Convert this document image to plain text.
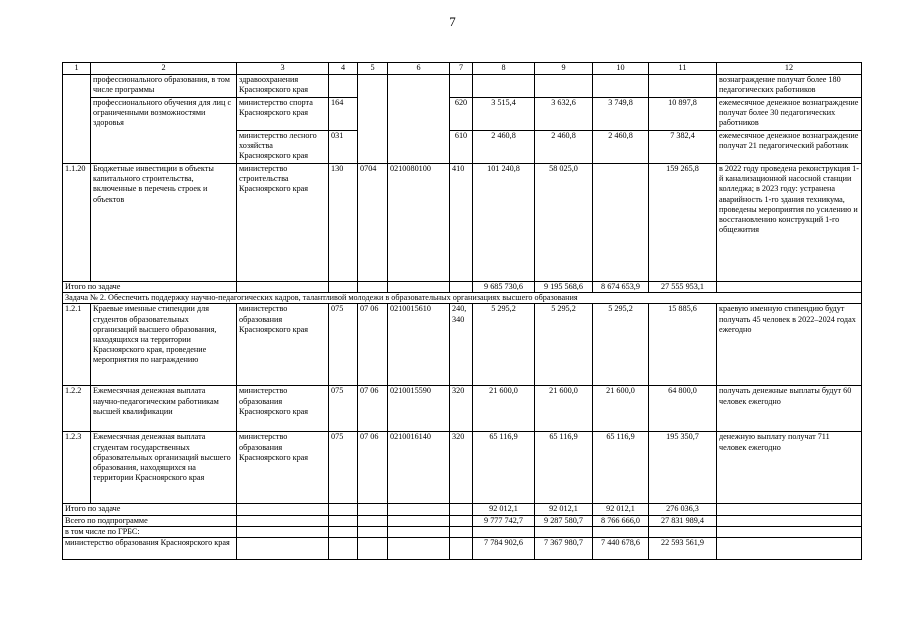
7
1	2	3	4	5	6	7	8	9	10	11	12
	профессионального образования, в том числе программы	здравоохранения Красноярского края									вознаграждение получат более 180 педагогических работников
	профессионального обучения для лиц с ограниченными возможностями здоровья	министерство спорта Красноярского края	164			620	3 515,4	3 632,6	3 749,8	10 897,8	ежемесячное денежное вознаграждение получат более 30 педагогических работников
		министерство лесного хозяйства Красноярского края	031			610	2 460,8	2 460,8	2 460,8	7 382,4	ежемесячное денежное вознаграждение получат 21 педагогический работник
1.1.20	Бюджетные инвестиции в объекты капитального строительства, включенные в перечень строек и объектов	министерство строительства Красноярского края	130	0704	0210080100	410	101 240,8	58 025,0		159 265,8	в 2022 году проведена реконструкция 1-й канализационной насосной станции колледжа; в 2023 году: устранена аварийность 1-го здания техникума, проведены мероприятия по усилению и восстановлению конструкций 1-го общежития
Итого по задаче							9 685 730,6	9 195 568,6	8 674 653,9	27 555 953,1	
Задача № 2. Обеспечить поддержку научно-педагогических кадров, талантливой молодежи в образовательных организациях высшего образования											
1.2.1	Краевые именные стипендии для студентов образовательных организаций высшего образования, находящихся на территории Красноярского края, проведение мероприятия по награждению	министерство образования Красноярского края	075	07 06	0210015610	240, 340	5 295,2	5 295,2	5 295,2	15 885,6	краевую именную стипендию будут получать 45 человек в 2022–2024 годах ежегодно
1.2.2	Ежемесячная денежная выплата научно-педагогическим работникам высшей квалификации	министерство образования Красноярского края	075	07 06	0210015590	320	21 600,0	21 600,0	21 600,0	64 800,0	получать денежные выплаты будут 60 человек ежегодно
1.2.3	Ежемесячная денежная выплата студентам государственных образовательных организаций высшего образования, находящихся на территории Красноярского края	министерство образования Красноярского края	075	07 06	0210016140	320	65 116,9	65 116,9	65 116,9	195 350,7	денежную выплату получат 711 человек ежегодно
Итого по задаче							92 012,1	92 012,1	92 012,1	276 036,3	
Всего по подпрограмме							9 777 742,7	9 287 580,7	8 766 666,0	27 831 989,4	
в том числе по ГРБС:											
министерство образования Красноярского края							7 784 902,6	7 367 980,7	7 440 678,6	22 593 561,9	
